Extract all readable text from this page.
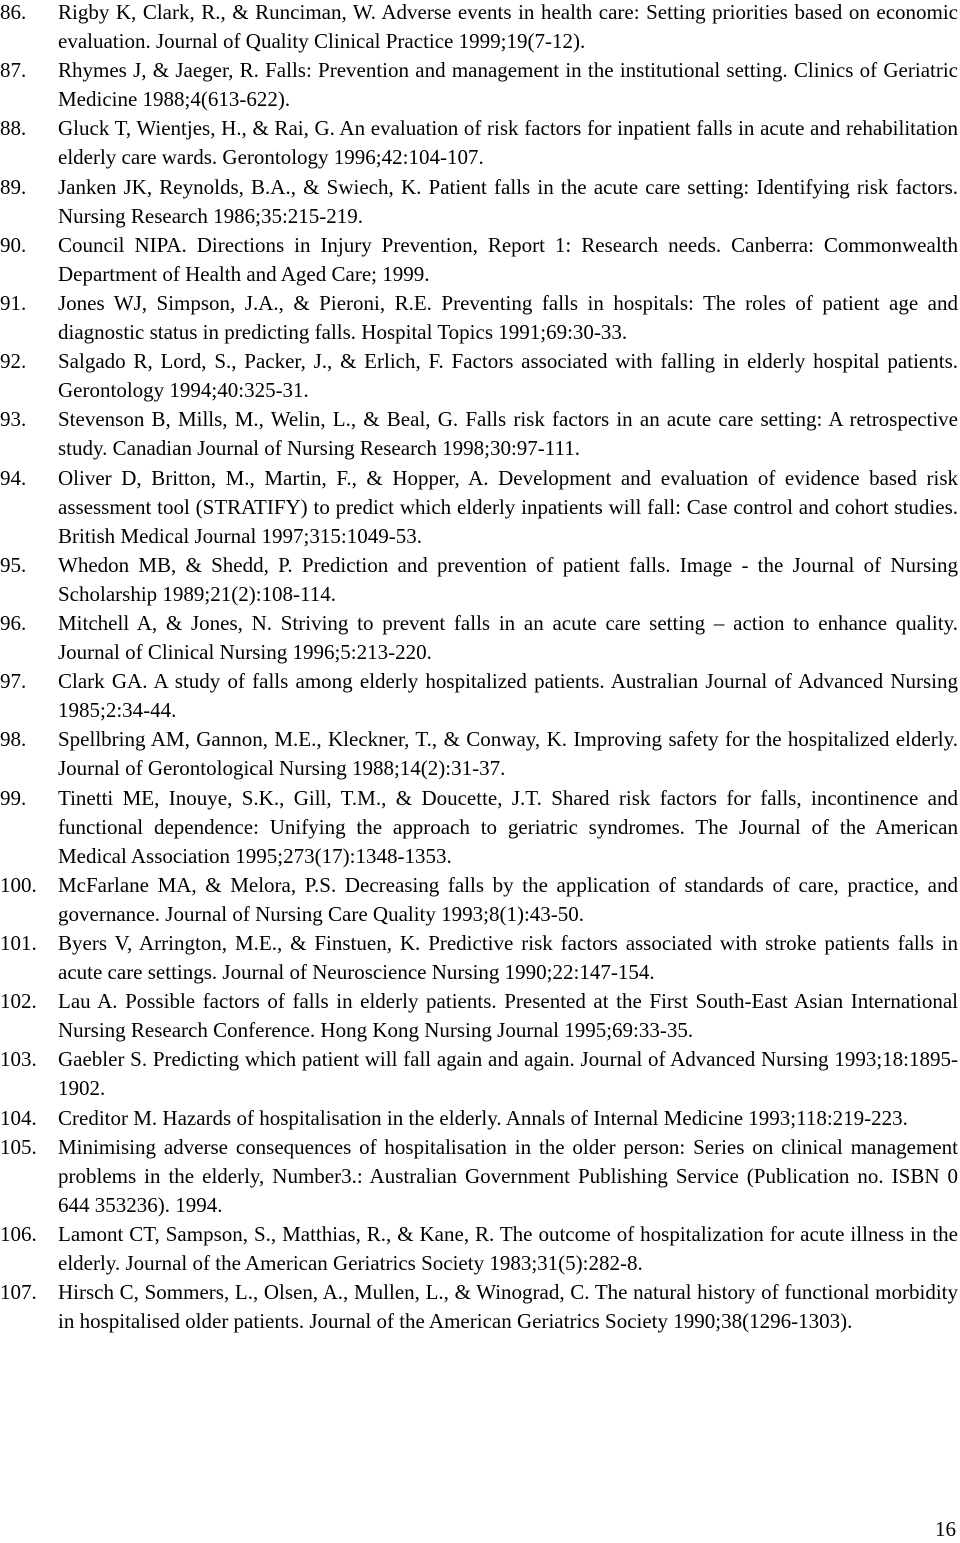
86.	Rigby K, Clark, R., & Runciman, W. Adverse events in health care: Setting priorities based on economic evaluation. Journal of Quality Clinical Practice 1999;19(7-12).
87.	Rhymes J, & Jaeger, R. Falls: Prevention and management in the institutional setting. Clinics of Geriatric Medicine 1988;4(613-622).
88.	Gluck T, Wientjes, H., & Rai, G. An evaluation of risk factors for inpatient falls in acute and rehabilitation elderly care wards. Gerontology 1996;42:104-107.
89.	Janken JK, Reynolds, B.A., & Swiech, K. Patient falls in the acute care setting: Identifying risk factors. Nursing Research 1986;35:215-219.
90.	Council NIPA. Directions in Injury Prevention, Report 1: Research needs. Canberra: Commonwealth Department of Health and Aged Care; 1999.
91.	Jones WJ, Simpson, J.A., & Pieroni, R.E. Preventing falls in hospitals: The roles of patient age and diagnostic status in predicting falls. Hospital Topics 1991;69:30-33.
92.	Salgado R, Lord, S., Packer, J., & Erlich, F. Factors associated with falling in elderly hospital patients. Gerontology 1994;40:325-31.
93.	Stevenson B, Mills, M., Welin, L., & Beal, G. Falls risk factors in an acute care setting: A retrospective study. Canadian Journal of Nursing Research 1998;30:97-111.
94.	Oliver D, Britton, M., Martin, F., & Hopper, A. Development and evaluation of evidence based risk assessment tool (STRATIFY) to predict which elderly inpatients will fall: Case control and cohort studies. British Medical Journal 1997;315:1049-53.
95.	Whedon MB, & Shedd, P. Prediction and prevention of patient falls. Image - the Journal of Nursing Scholarship 1989;21(2):108-114.
96.	Mitchell A, & Jones, N. Striving to prevent falls in an acute care setting – action to enhance quality. Journal of Clinical Nursing 1996;5:213-220.
97.	Clark GA. A study of falls among elderly hospitalized patients. Australian Journal of Advanced Nursing 1985;2:34-44.
98.	Spellbring AM, Gannon, M.E., Kleckner, T., & Conway, K. Improving safety for the hospitalized elderly. Journal of Gerontological Nursing 1988;14(2):31-37.
99.	Tinetti ME, Inouye, S.K., Gill, T.M., & Doucette, J.T. Shared risk factors for falls, incontinence and functional dependence: Unifying the approach to geriatric syndromes. The Journal of the American Medical Association 1995;273(17):1348-1353.
100.	McFarlane MA, & Melora, P.S. Decreasing falls by the application of standards of care, practice, and governance. Journal of Nursing Care Quality 1993;8(1):43-50.
101.	Byers V, Arrington, M.E., & Finstuen, K. Predictive risk factors associated with stroke patients falls in acute care settings. Journal of Neuroscience Nursing 1990;22:147-154.
102.	Lau A. Possible factors of falls in elderly patients. Presented at the First South-East Asian International Nursing Research Conference. Hong Kong Nursing Journal 1995;69:33-35.
103.	Gaebler S. Predicting which patient will fall again and again. Journal of Advanced Nursing 1993;18:1895-1902.
104.	Creditor M. Hazards of hospitalisation in the elderly. Annals of Internal Medicine 1993;118:219-223.
105.	Minimising adverse consequences of hospitalisation in the older person: Series on clinical management problems in the elderly, Number3.: Australian Government Publishing Service (Publication no. ISBN 0 644 353236). 1994.
106.	Lamont CT, Sampson, S., Matthias, R., & Kane, R. The outcome of hospitalization for acute illness in the elderly. Journal of the American Geriatrics Society 1983;31(5):282-8.
107.	Hirsch C, Sommers, L., Olsen, A., Mullen, L., & Winograd, C. The natural history of functional morbidity in hospitalised older patients. Journal of the American Geriatrics Society 1990;38(1296-1303).
16
